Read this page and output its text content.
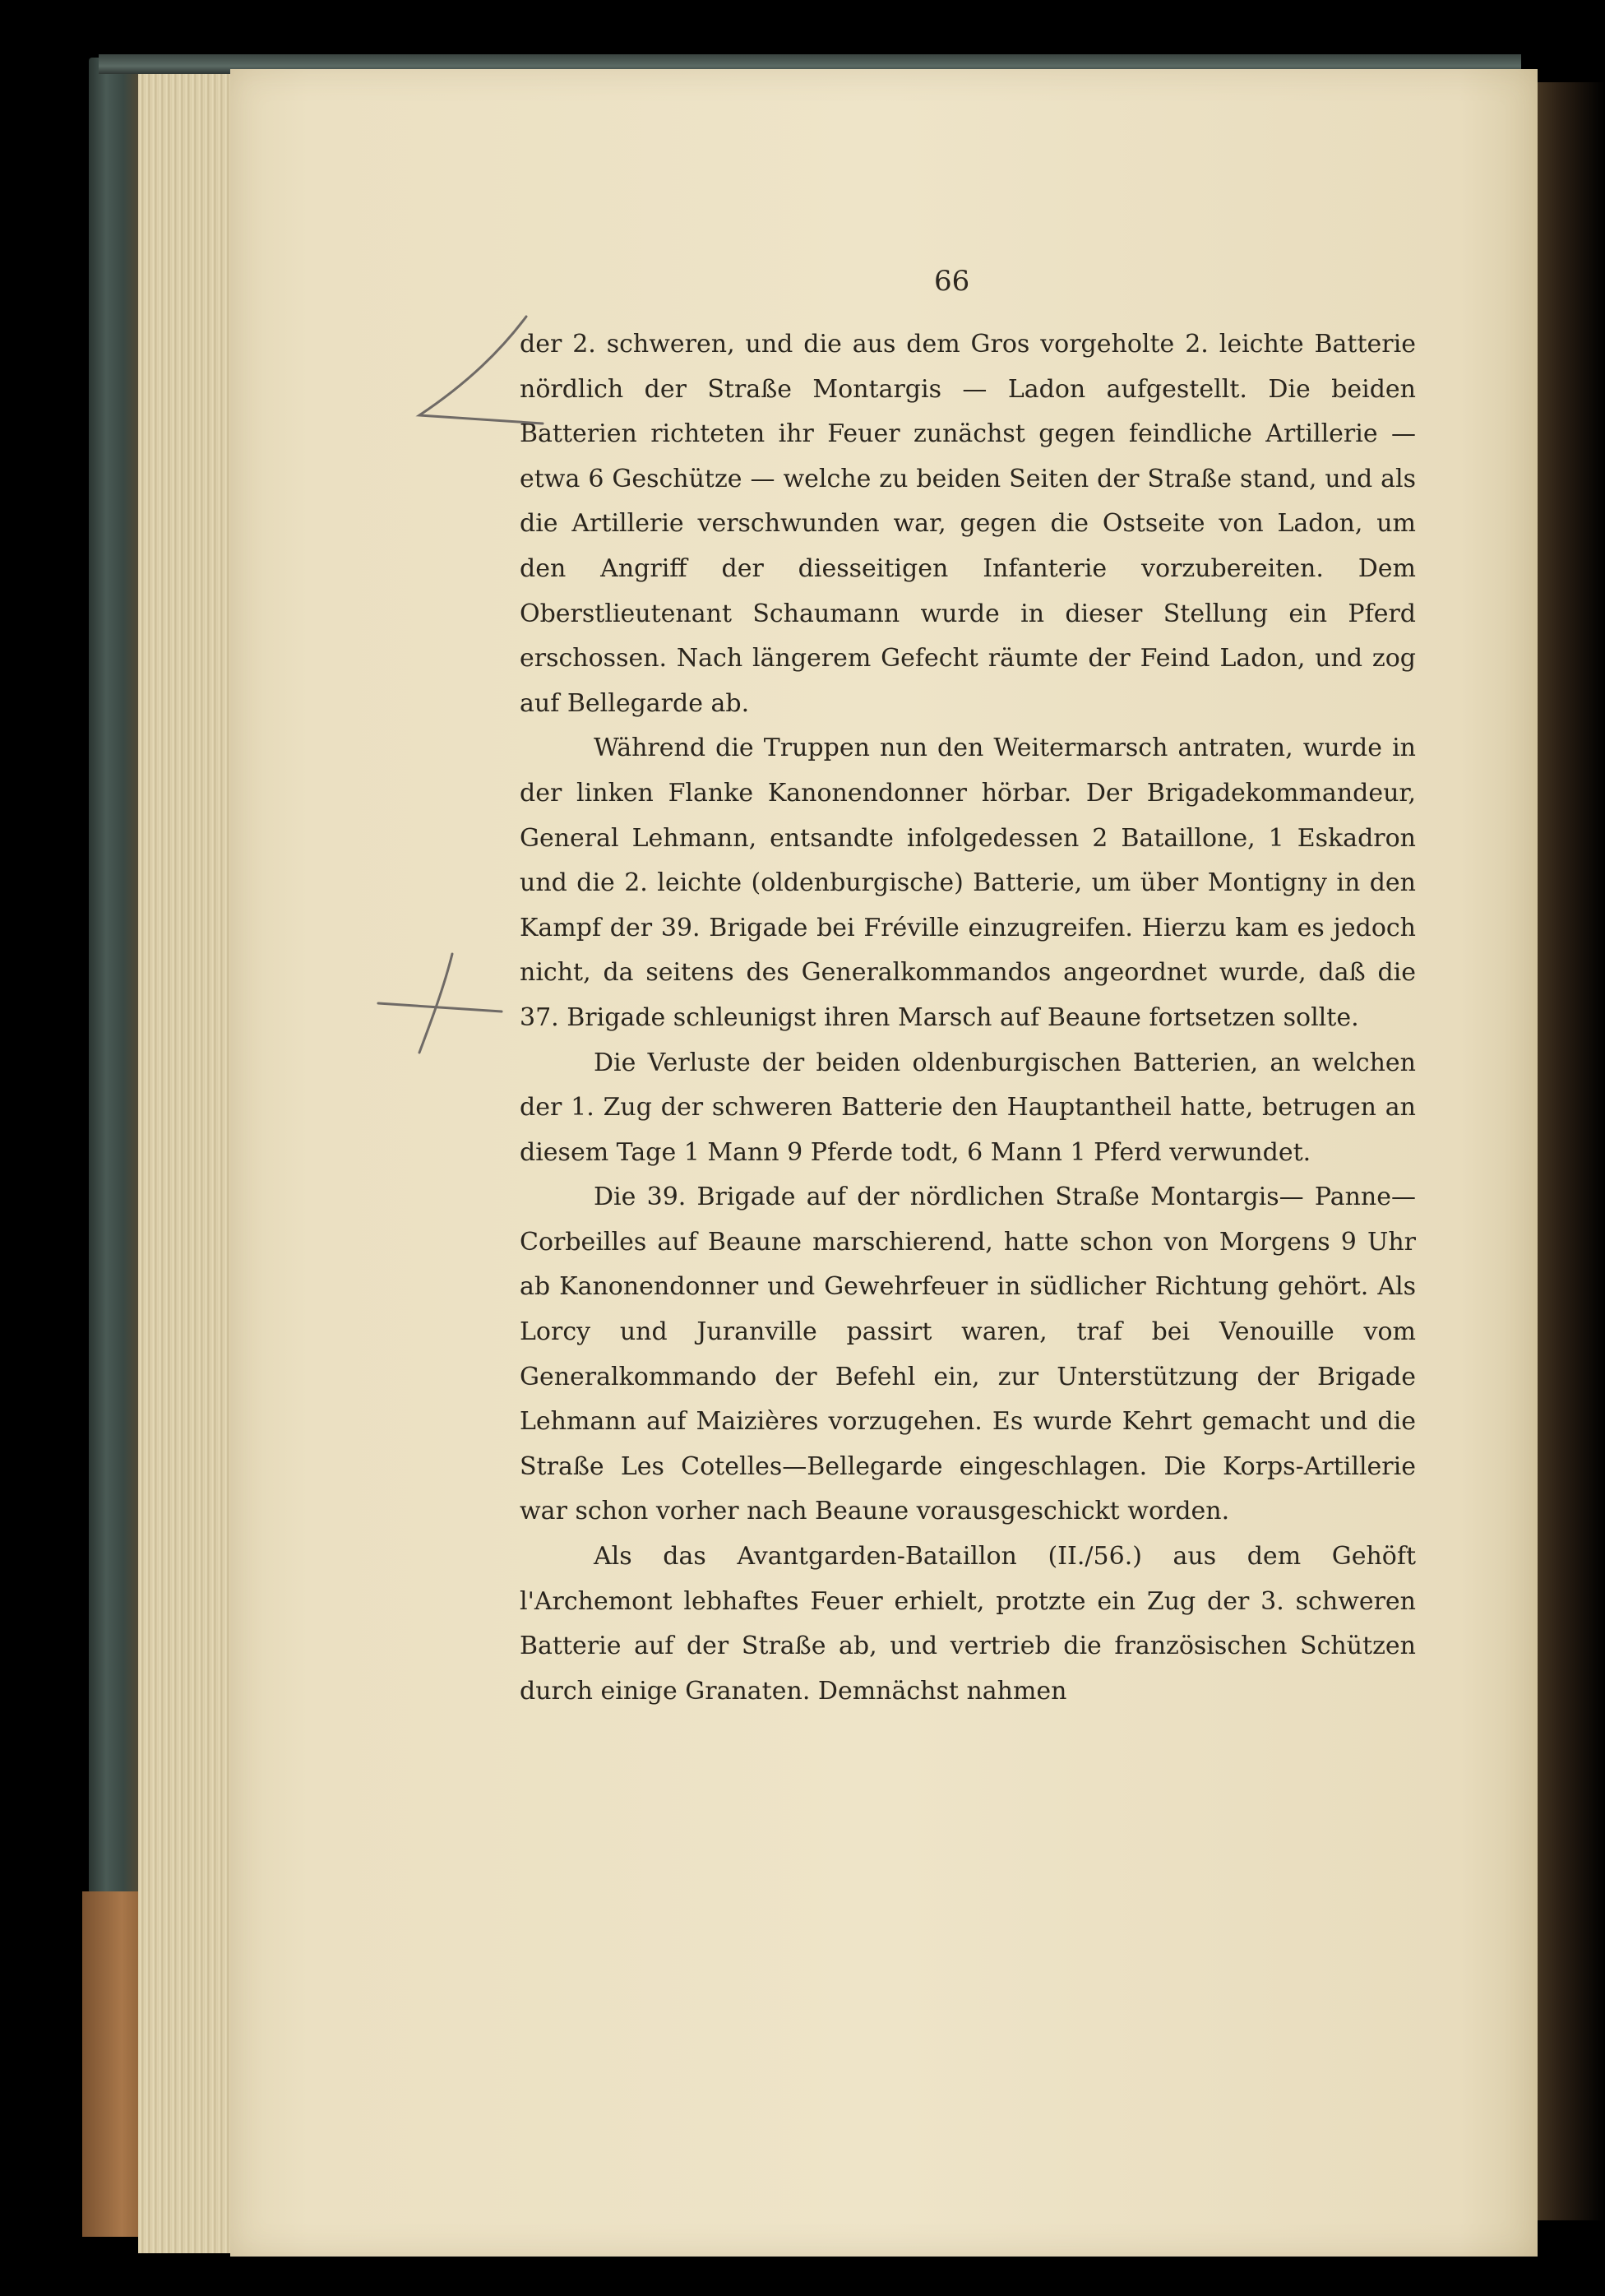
66

der 2. schweren, und die aus dem Gros vorgeholte 2. leichte Batterie nördlich der Straße Montargis — Ladon aufgestellt. Die beiden Batterien richteten ihr Feuer zunächst gegen feindliche Artillerie — etwa 6 Geschütze — welche zu beiden Seiten der Straße stand, und als die Artillerie verschwunden war, gegen die Ostseite von Ladon, um den Angriff der diesseitigen Infanterie vorzubereiten. Dem Oberstlieutenant Schaumann wurde in dieser Stellung ein Pferd erschossen. Nach längerem Gefecht räumte der Feind Ladon, und zog auf Bellegarde ab.

Während die Truppen nun den Weitermarsch antraten, wurde in der linken Flanke Kanonendonner hörbar. Der Brigadekommandeur, General Lehmann, entsandte infolgedessen 2 Bataillone, 1 Eskadron und die 2. leichte (oldenburgische) Batterie, um über Montigny in den Kampf der 39. Brigade bei Fréville einzugreifen. Hierzu kam es jedoch nicht, da seitens des Generalkommandos angeordnet wurde, daß die 37. Brigade schleunigst ihren Marsch auf Beaune fortsetzen sollte.

Die Verluste der beiden oldenburgischen Batterien, an welchen der 1. Zug der schweren Batterie den Hauptantheil hatte, betrugen an diesem Tage 1 Mann 9 Pferde todt, 6 Mann 1 Pferd verwundet.

Die 39. Brigade auf der nördlichen Straße Montargis— Panne—Corbeilles auf Beaune marschierend, hatte schon von Morgens 9 Uhr ab Kanonendonner und Gewehrfeuer in südlicher Richtung gehört. Als Lorcy und Juranville passirt waren, traf bei Venouille vom Generalkommando der Befehl ein, zur Unterstützung der Brigade Lehmann auf Maizières vorzugehen. Es wurde Kehrt gemacht und die Straße Les Cotelles—Bellegarde eingeschlagen. Die Korps-Artillerie war schon vorher nach Beaune vorausgeschickt worden.

Als das Avantgarden-Bataillon (II./56.) aus dem Gehöft l'Archemont lebhaftes Feuer erhielt, protzte ein Zug der 3. schweren Batterie auf der Straße ab, und vertrieb die französischen Schützen durch einige Granaten. Demnächst nahmen
